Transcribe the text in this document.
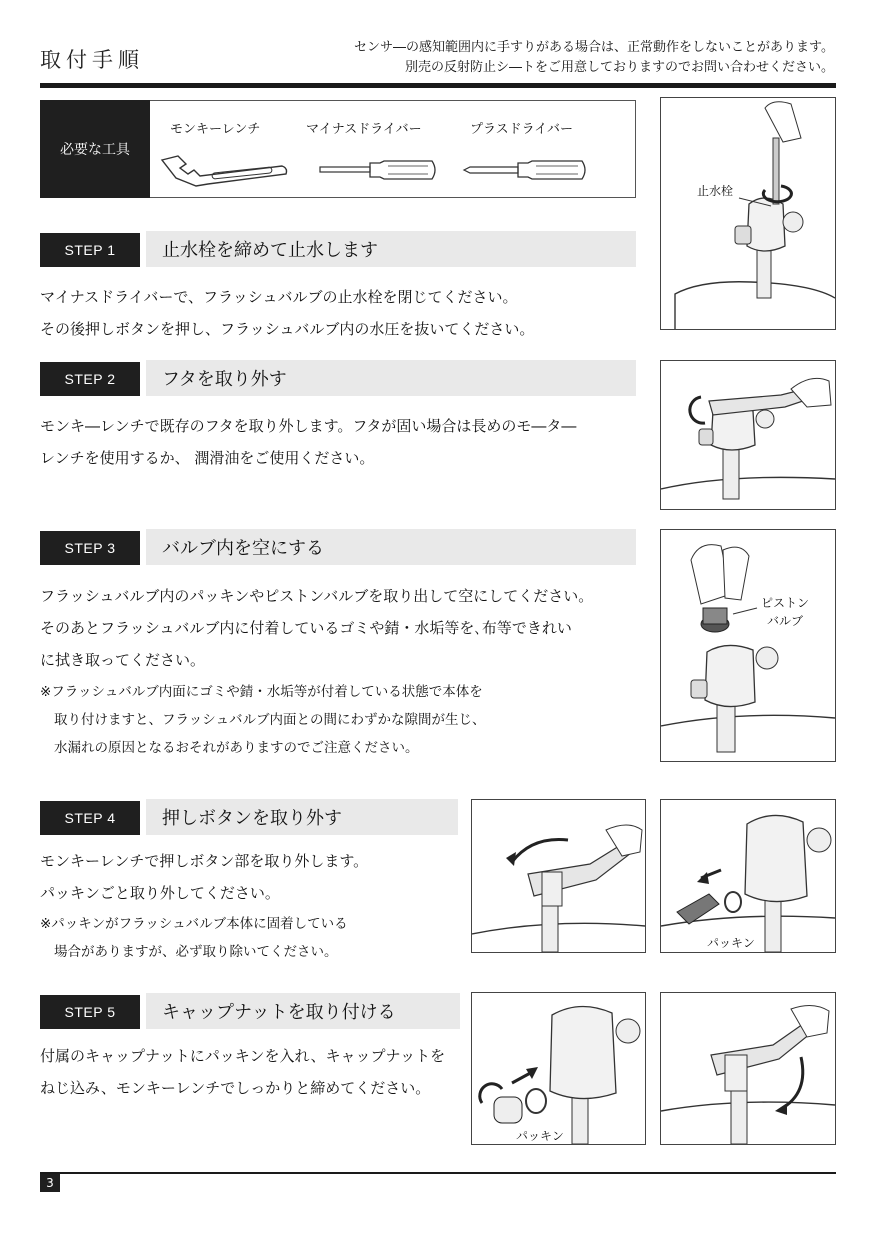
取付手順
センサ―の感知範囲内に手すりがある場合は、正常動作をしないことがあります。
別売の反射防止シ―トをご用意しておりますのでお問い合わせください。
必要な工具
モンキーレンチ	マイナスドライバー	プラスドライバー
STEP 1	止水栓を締めて止水します
マイナスドライバーで、フラッシュバルブの止水栓を閉じてください。
その後押しボタンを押し、フラッシュバルブ内の水圧を抜いてください。
止水栓
STEP 2	フタを取り外す
モンキ―レンチで既存のフタを取り外します。フタが固い場合は長めのモ―タ―
レンチを使用するか、 潤滑油をご使用ください。
STEP 3	バルブ内を空にする
フラッシュバルブ内のパッキンやピストンバルブを取り出して空にしてください。
そのあとフラッシュバルブ内に付着しているゴミや錆・水垢等を､布等できれい
に拭き取ってください。
※フラッシュバルブ内面にゴミや錆・水垢等が付着している状態で本体を
取り付けますと、フラッシュバルブ内面との間にわずかな隙間が生じ、
水漏れの原因となるおそれがありますのでご注意ください。
ピストン
バルブ
STEP 4	押しボタンを取り外す
モンキーレンチで押しボタン部を取り外します。
パッキンごと取り外してください。
※パッキンがフラッシュバルブ本体に固着している
場合がありますが、必ず取り除いてください。
パッキン
STEP 5	キャップナットを取り付ける
付属のキャップナットにパッキンを入れ、キャップナットを
ねじ込み、モンキーレンチでしっかりと締めてください。
パッキン
3
